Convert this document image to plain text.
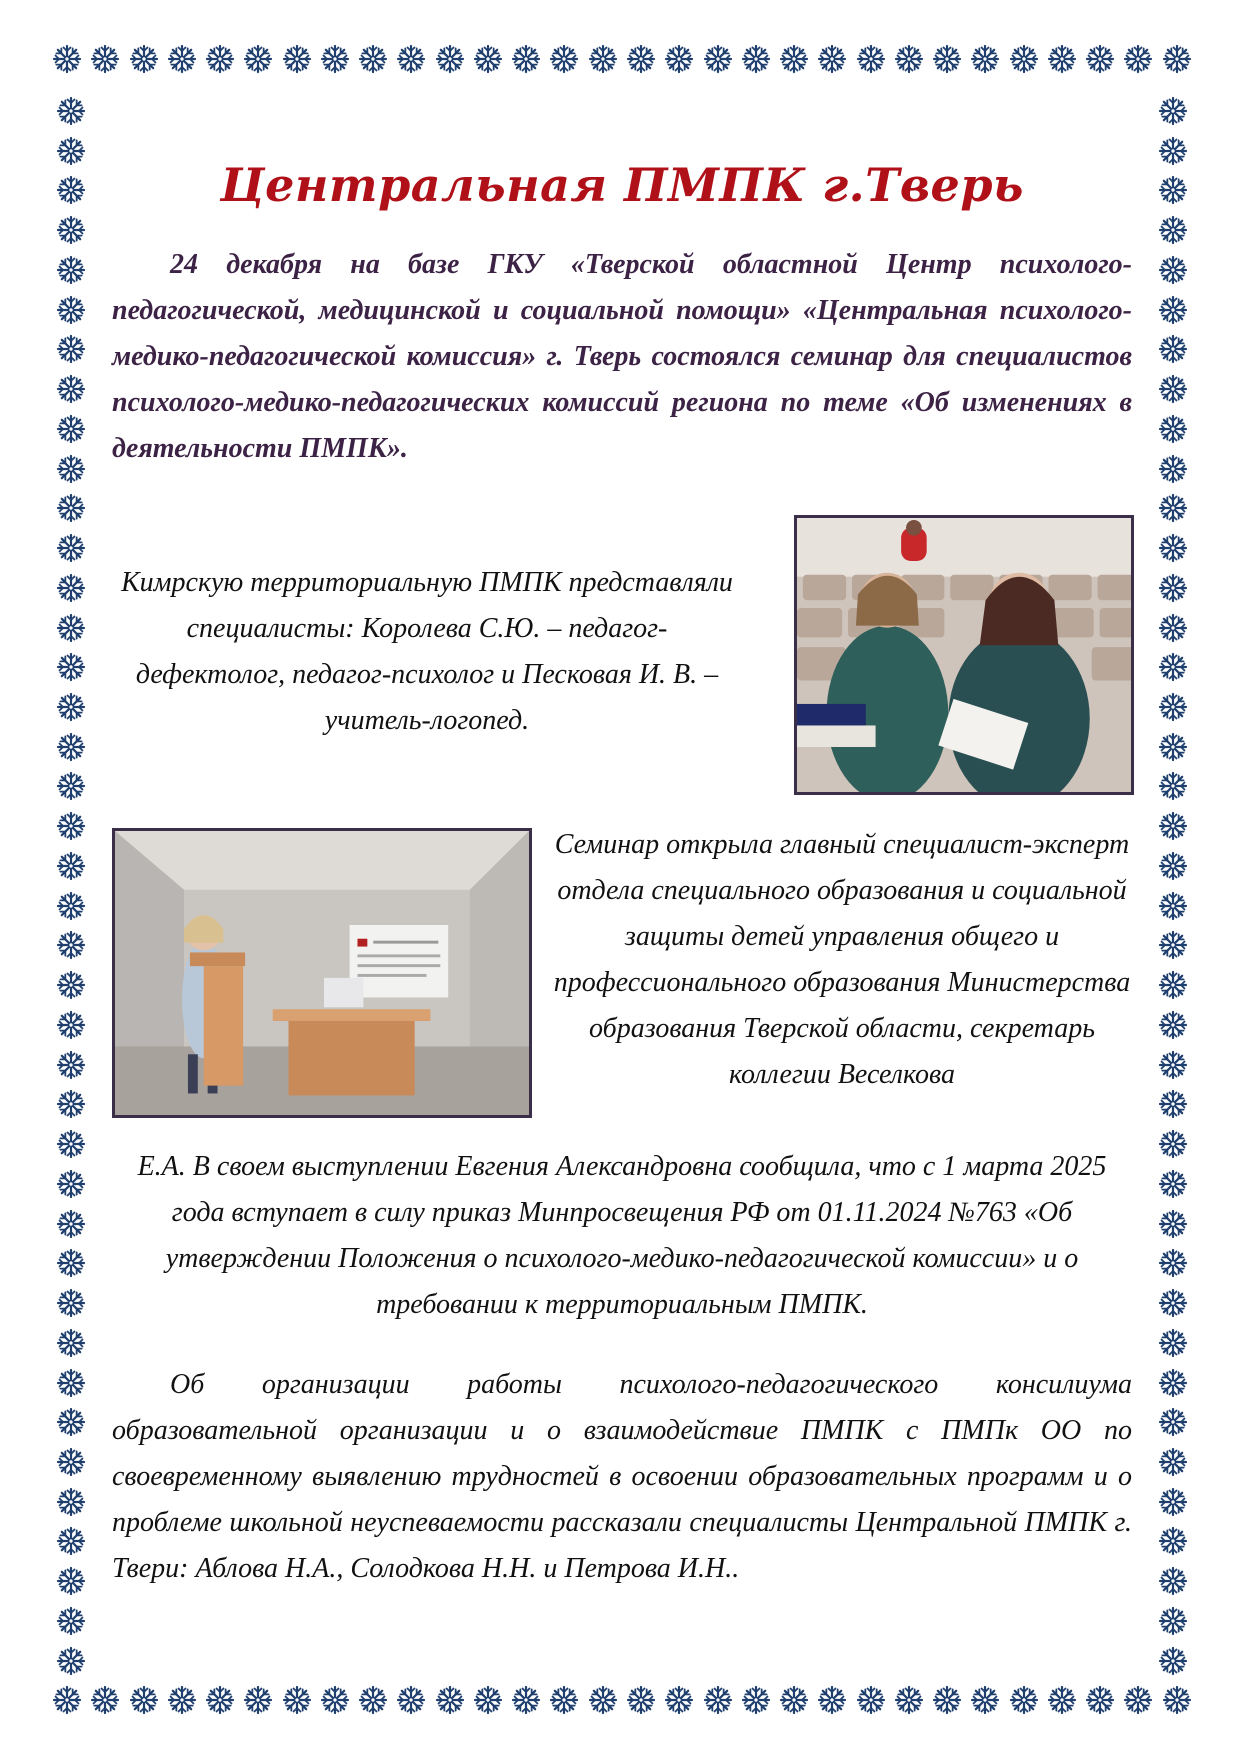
Центральная ПМПК г.Тверь

24 декабря на базе ГКУ «Тверской областной Центр психолого-педагогической, медицинской и социальной помощи» «Центральная психолого-медико-педагогической комиссия» г. Тверь состоялся семинар для специалистов психолого-медико-педагогических комиссий региона по теме «Об изменениях в деятельности ПМПК».

Кимрскую территориальную ПМПК представляли специалисты: Королева С.Ю. – педагог-дефектолог, педагог-психолог и Песковая И. В. – учитель-логопед.

Семинар открыла главный специалист-эксперт отдела специального образования и социальной защиты детей управления общего и профессионального образования Министерства образования Тверской области, секретарь коллегии Веселкова

Е.А. В своем выступлении Евгения Александровна сообщила, что с 1 марта 2025 года вступает в силу приказ Минпросвещения РФ от 01.11.2024 №763 «Об утверждении Положения о психолого-медико-педагогической комиссии» и о требовании к территориальным ПМПК.

Об организации работы психолого-педагогического консилиума образовательной организации и о взаимодействие ПМПК с ПМПк ОО по своевременному выявлению трудностей в освоении образовательных программ и о проблеме школьной неуспеваемости рассказали специалисты Центральной ПМПК г. Твери: Аблова Н.А., Солодкова Н.Н. и Петрова И.Н..
